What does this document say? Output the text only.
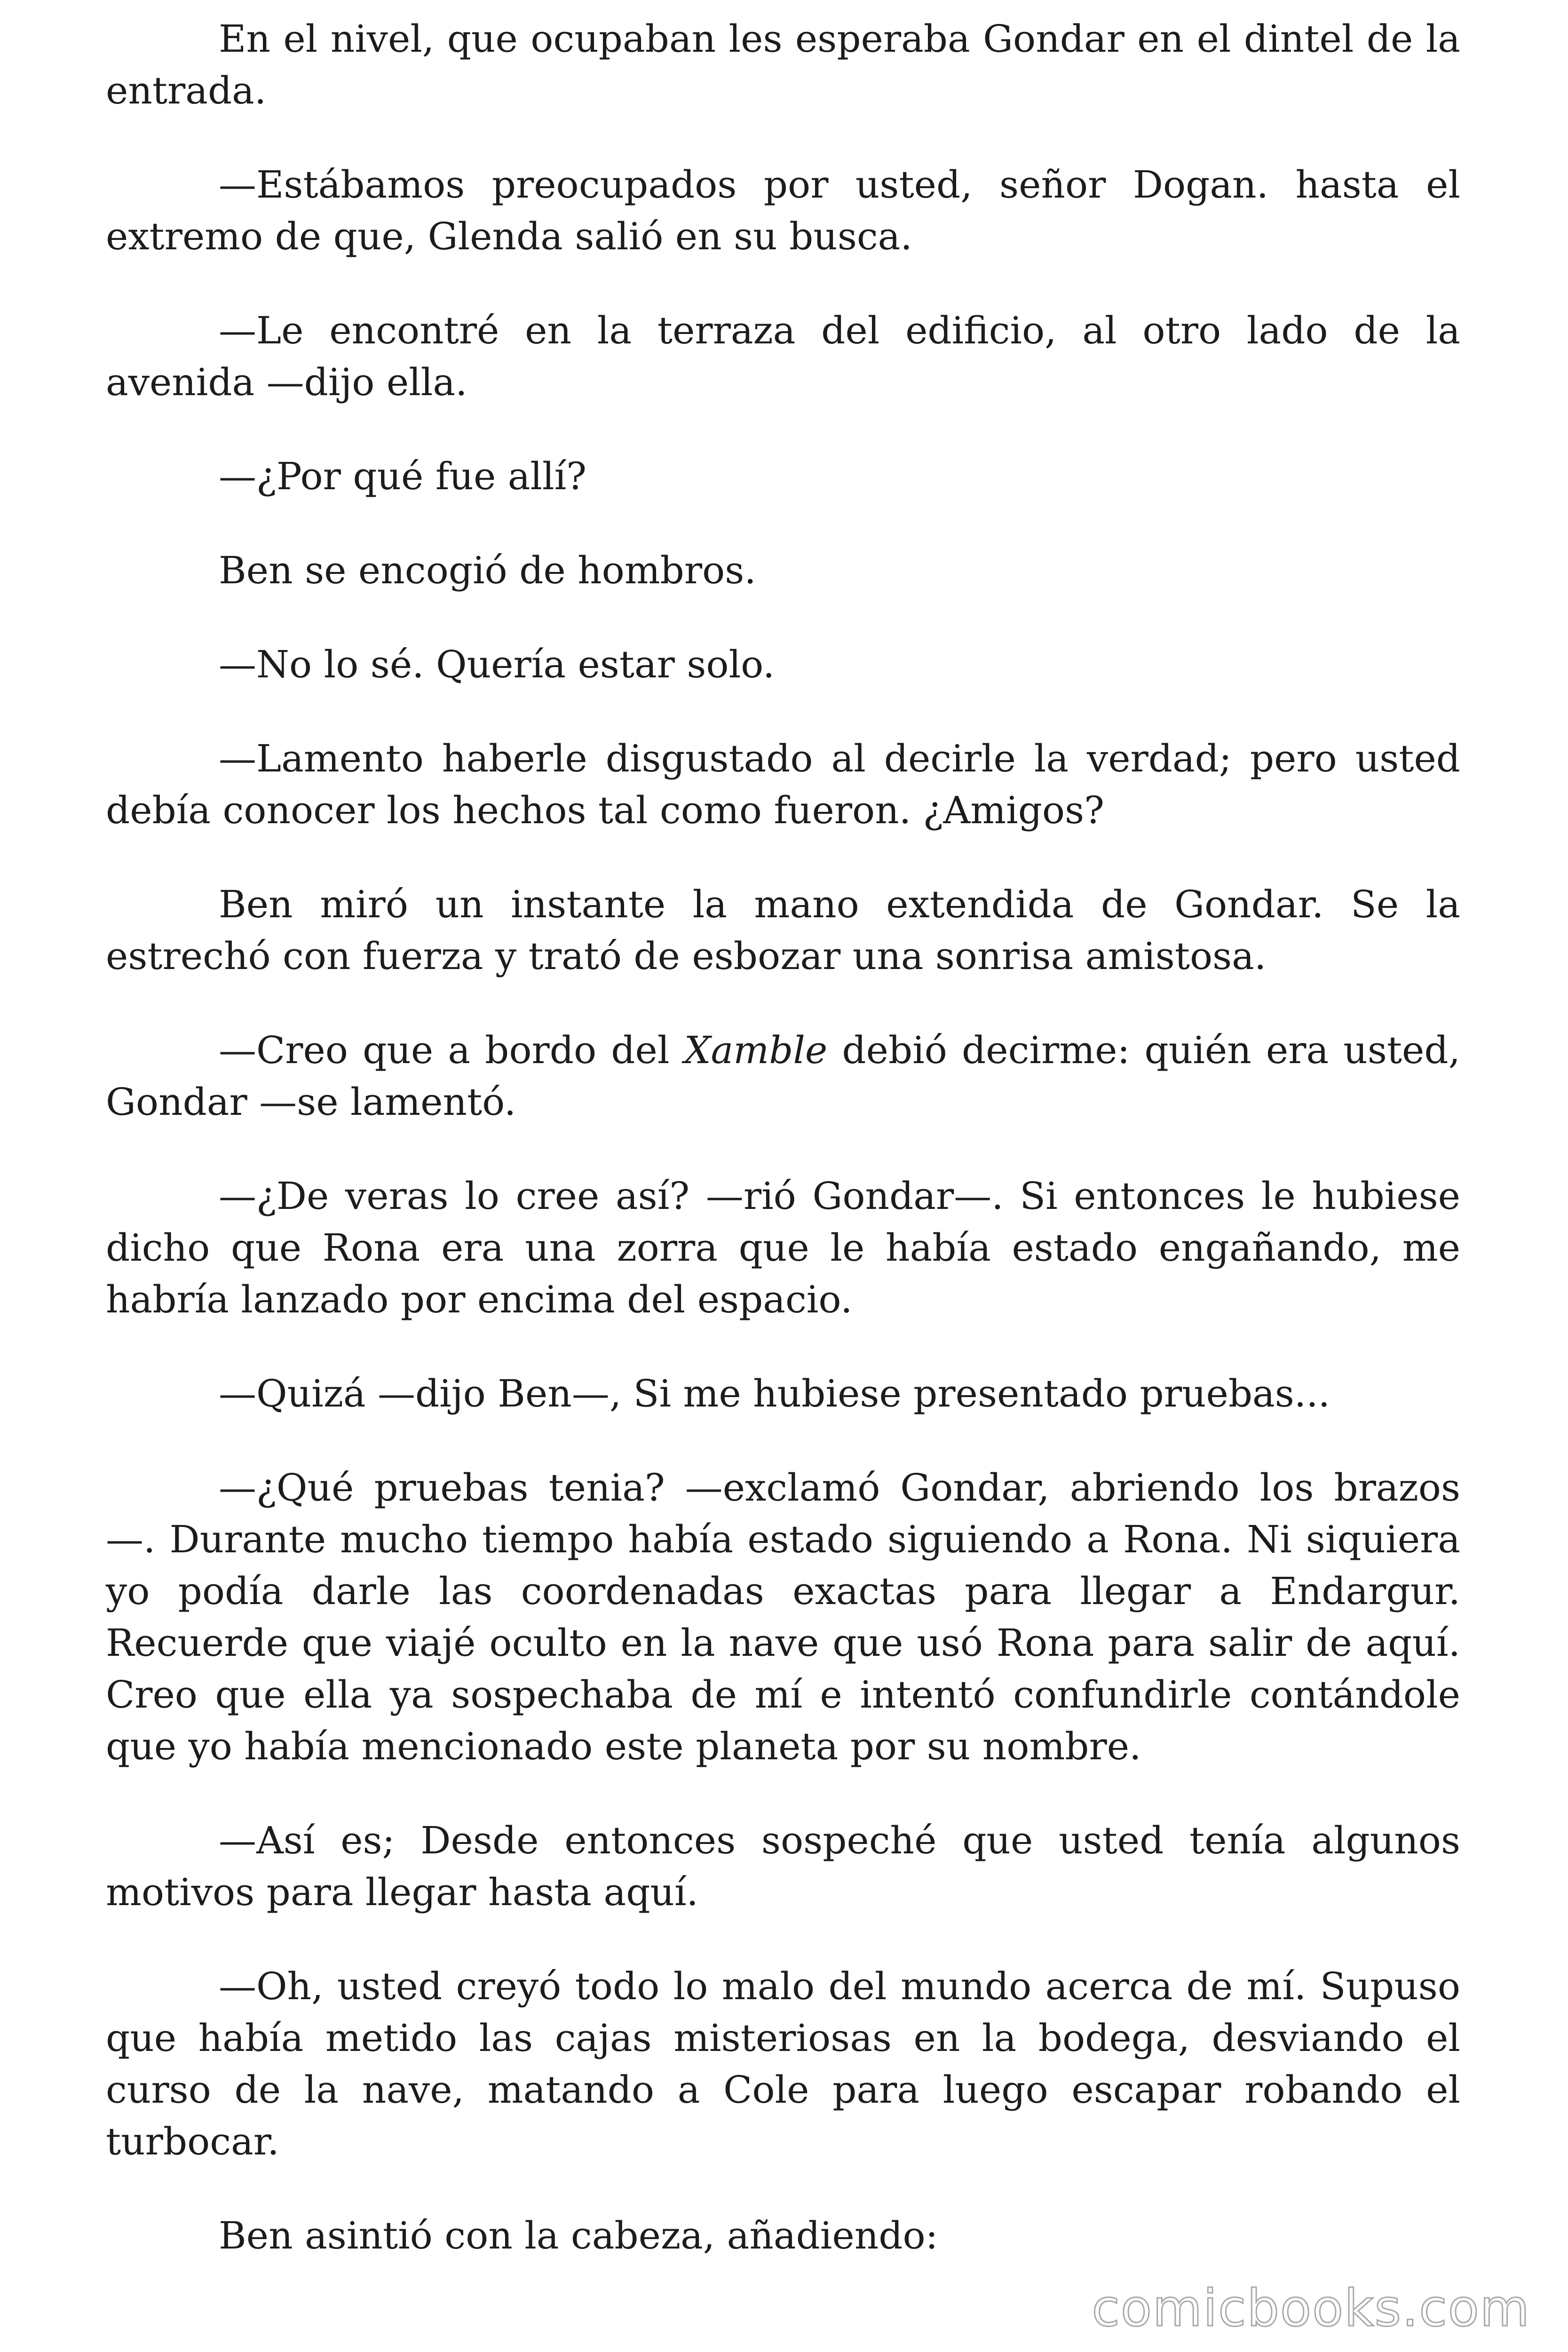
En el nivel, que ocupaban les esperaba Gondar en el dintel de la entrada.

—Estábamos preocupados por usted, señor Dogan. hasta el extremo de que, Glenda salió en su busca.

—Le encontré en la terraza del edificio, al otro lado de la avenida —dijo ella.

—¿Por qué fue allí?

Ben se encogió de hombros.

—No lo sé. Quería estar solo.

—Lamento haberle disgustado al decirle la verdad; pero usted debía conocer los hechos tal como fueron. ¿Amigos?

Ben miró un instante la mano extendida de Gondar. Se la estrechó con fuerza y trató de esbozar una sonrisa amistosa.

—Creo que a bordo del Xamble debió decirme: quién era usted, Gondar —se lamentó.

—¿De veras lo cree así? —rió Gondar—. Si entonces le hubiese dicho que Rona era una zorra que le había estado engañando, me habría lanzado por encima del espacio.

—Quizá —dijo Ben—, Si me hubiese presentado pruebas...

—¿Qué pruebas tenia? —exclamó Gondar, abriendo los brazos —. Durante mucho tiempo había estado siguiendo a Rona. Ni siquiera yo podía darle las coordenadas exactas para llegar a Endargur. Recuerde que viajé oculto en la nave que usó Rona para salir de aquí. Creo que ella ya sospechaba de mí e intentó confundirle contándole que yo había mencionado este planeta por su nombre.

—Así es; Desde entonces sospeché que usted tenía algunos motivos para llegar hasta aquí.

—Oh, usted creyó todo lo malo del mundo acerca de mí. Supuso que había metido las cajas misteriosas en la bodega, desviando el curso de la nave, matando a Cole para luego escapar robando el turbocar.

Ben asintió con la cabeza, añadiendo:

comicbooks.com
